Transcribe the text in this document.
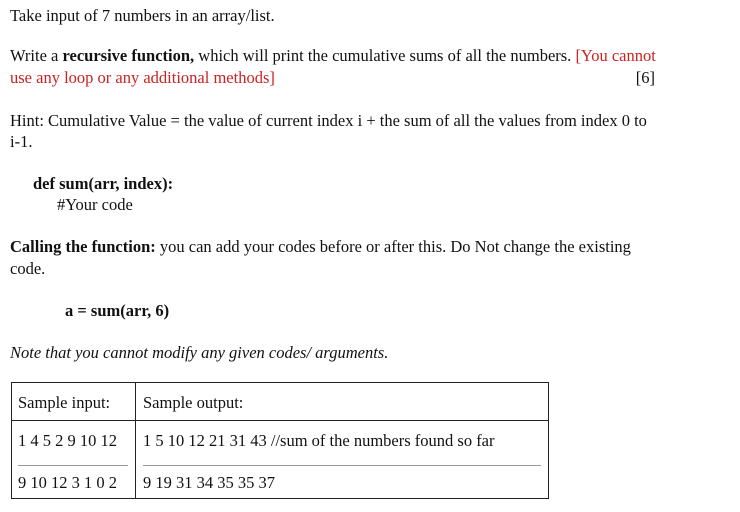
Take input of 7 numbers in an array/list.
Write a recursive function, which will print the cumulative sums of all the numbers. [You cannot
use any loop or any additional methods]	[6]
Hint: Cumulative Value = the value of current index i + the sum of all the values from index 0 to
i-1.
def sum(arr, index):
#Your code
Calling the function: you can add your codes before or after this. Do Not change the existing
code.
a = sum(arr, 6)
Note that you cannot modify any given codes/ arguments.
Sample input: Sample output:
1 4 5 2 9 10 12 1 5 10 12 21 31 43 //sum of the numbers found so far
9 10 12 3 1 0 2 9 19 31 34 35 35 37
